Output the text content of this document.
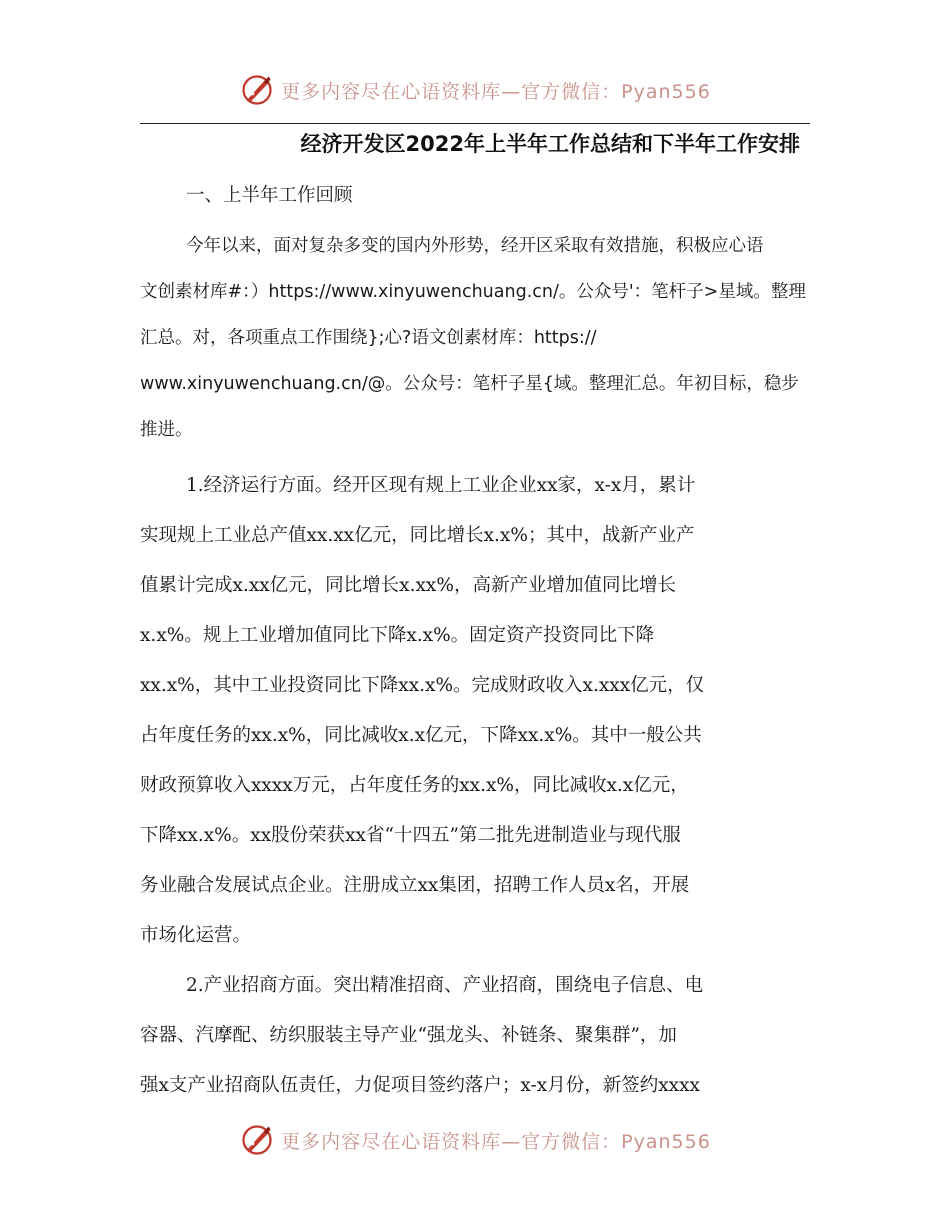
更多内容尽在心语资料库—官方微信：Pyan556
经济开发区2022年上半年工作总结和下半年工作安排
一、上半年工作回顾
今年以来，面对复杂多变的国内外形势，经开区采取有效措施，积极应心语
文创素材库#：）https://www.xinyuwenchuang.cn/。公众号'：笔杆子>星域。整理
汇总。对，各项重点工作围绕};心?语文创素材库：https://
www.xinyuwenchuang.cn/@。公众号：笔杆子星{域。整理汇总。年初目标，稳步
推进。
1.经济运行方面。经开区现有规上工业企业xx家，x-x月，累计
实现规上工业总产值xx.xx亿元，同比增长x.x%；其中，战新产业产
值累计完成x.xx亿元，同比增长x.xx%，高新产业增加值同比增长
x.x%。规上工业增加值同比下降x.x%。固定资产投资同比下降
xx.x%，其中工业投资同比下降xx.x%。完成财政收入x.xxx亿元，仅
占年度任务的xx.x%，同比减收x.x亿元，下降xx.x%。其中一般公共
财政预算收入xxxx万元，占年度任务的xx.x%，同比减收x.x亿元，
下降xx.x%。xx股份荣获xx省“十四五”第二批先进制造业与现代服
务业融合发展试点企业。注册成立xx集团，招聘工作人员x名，开展
市场化运营。
2.产业招商方面。突出精准招商、产业招商，围绕电子信息、电
容器、汽摩配、纺织服装主导产业“强龙头、补链条、聚集群”，加
强x支产业招商队伍责任，力促项目签约落户；x-x月份，新签约xxxx
更多内容尽在心语资料库—官方微信：Pyan556
